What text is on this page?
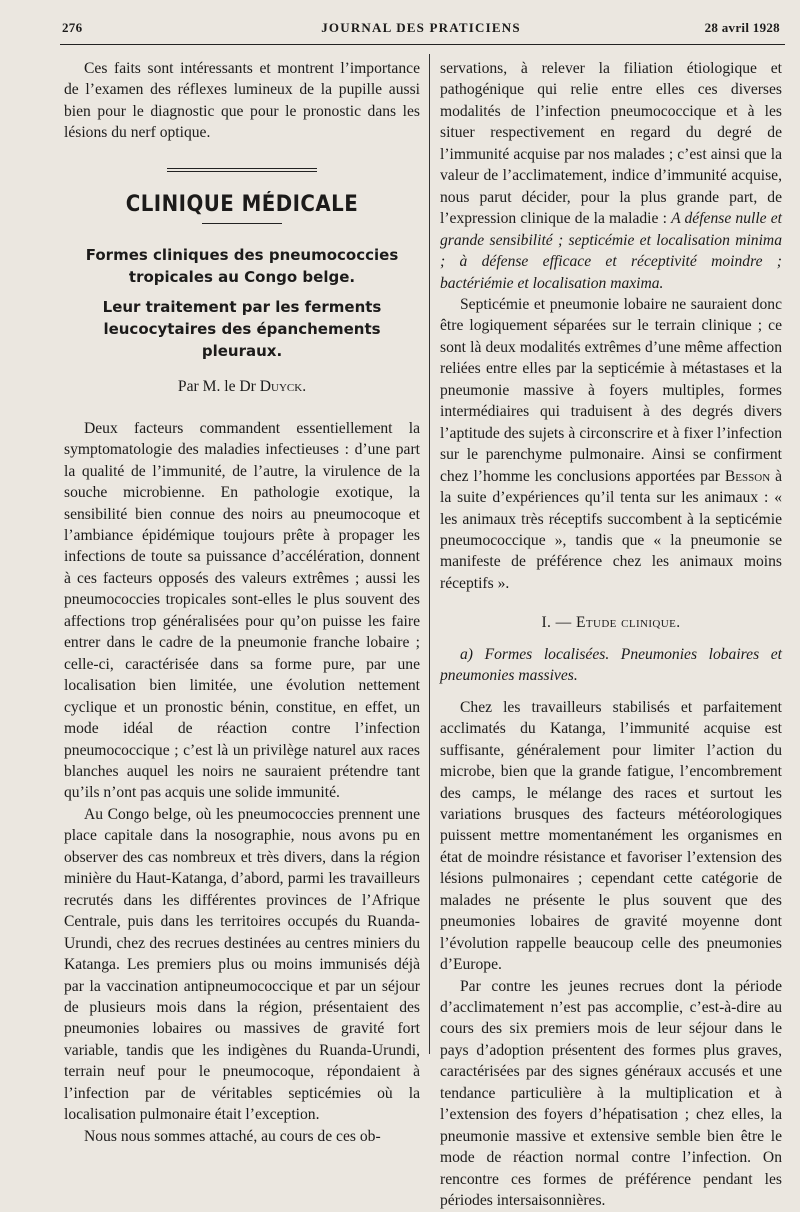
276	JOURNAL DES PRATICIENS	28 avril 1928

Ces faits sont intéressants et montrent l’importance de l’examen des réflexes lumineux de la pupille aussi bien pour le diagnostic que pour le pronostic dans les lésions du nerf optique.

CLINIQUE MÉDICALE
Formes cliniques des pneumococcies tropicales au Congo belge.
Leur traitement par les ferments leucocytaires des épanchements pleuraux.
Par M. le Dr Duyck.

Deux facteurs commandent essentiellement la symptomatologie des maladies infectieuses : d’une part la qualité de l’immunité, de l’autre, la virulence de la souche microbienne. En pathologie exotique, la sensibilité bien connue des noirs au pneumocoque et l’ambiance épidémique toujours prête à propager les infections de toute sa puissance d’accélération, donnent à ces facteurs opposés des valeurs extrêmes ; aussi les pneumococcies tropicales sont-elles le plus souvent des affections trop généralisées pour qu’on puisse les faire entrer dans le cadre de la pneumonie franche lobaire ; celle-ci, caractérisée dans sa forme pure, par une localisation bien limitée, une évolution nettement cyclique et un pronostic bénin, constitue, en effet, un mode idéal de réaction contre l’infection pneumococcique ; c’est là un privilège naturel aux races blanches auquel les noirs ne sauraient prétendre tant qu’ils n’ont pas acquis une solide immunité.

Au Congo belge, où les pneumococcies prennent une place capitale dans la nosographie, nous avons pu en observer des cas nombreux et très divers, dans la région minière du Haut-Katanga, d’abord, parmi les travailleurs recrutés dans les différentes provinces de l’Afrique Centrale, puis dans les territoires occupés du Ruanda-Urundi, chez des recrues destinées au centres miniers du Katanga. Les premiers plus ou moins immunisés déjà par la vaccination antipneumococcique et par un séjour de plusieurs mois dans la région, présentaient des pneumonies lobaires ou massives de gravité fort variable, tandis que les indigènes du Ruanda-Urundi, terrain neuf pour le pneumocoque, répondaient à l’infection par de véritables septicémies où la localisation pulmonaire était l’exception.

Nous nous sommes attaché, au cours de ces ob-

servations, à relever la filiation étiologique et pathogénique qui relie entre elles ces diverses modalités de l’infection pneumococcique et à les situer respectivement en regard du degré de l’immunité acquise par nos malades ; c’est ainsi que la valeur de l’acclimatement, indice d’immunité acquise, nous parut décider, pour la plus grande part, de l’expression clinique de la maladie : A défense nulle et grande sensibilité ; septicémie et localisation minima ; à défense efficace et réceptivité moindre ; bactériémie et localisation maxima.

Septicémie et pneumonie lobaire ne sauraient donc être logiquement séparées sur le terrain clinique ; ce sont là deux modalités extrêmes d’une même affection reliées entre elles par la septicémie à métastases et la pneumonie massive à foyers multiples, formes intermédiaires qui traduisent à des degrés divers l’aptitude des sujets à circonscrire et à fixer l’infection sur le parenchyme pulmonaire. Ainsi se confirment chez l’homme les conclusions apportées par Besson à la suite d’expériences qu’il tenta sur les animaux : « les animaux très réceptifs succombent à la septicémie pneumococcique », tandis que « la pneumonie se manifeste de préférence chez les animaux moins réceptifs ».

I. — Etude clinique.

a) Formes localisées. Pneumonies lobaires et pneumonies massives.

Chez les travailleurs stabilisés et parfaitement acclimatés du Katanga, l’immunité acquise est suffisante, généralement pour limiter l’action du microbe, bien que la grande fatigue, l’encombrement des camps, le mélange des races et surtout les variations brusques des facteurs météorologiques puissent mettre momentanément les organismes en état de moindre résistance et favoriser l’extension des lésions pulmonaires ; cependant cette catégorie de malades ne présente le plus souvent que des pneumonies lobaires de gravité moyenne dont l’évolution rappelle beaucoup celle des pneumonies d’Europe.

Par contre les jeunes recrues dont la période d’acclimatement n’est pas accomplie, c’est-à-dire au cours des six premiers mois de leur séjour dans le pays d’adoption présentent des formes plus graves, caractérisées par des signes généraux accusés et une tendance particulière à la multiplication et à l’extension des foyers d’hépatisation ; chez elles, la pneumonie massive et extensive semble bien être le mode de réaction normal contre l’infection. On rencontre ces formes de préférence pendant les périodes intersaisonnières.
